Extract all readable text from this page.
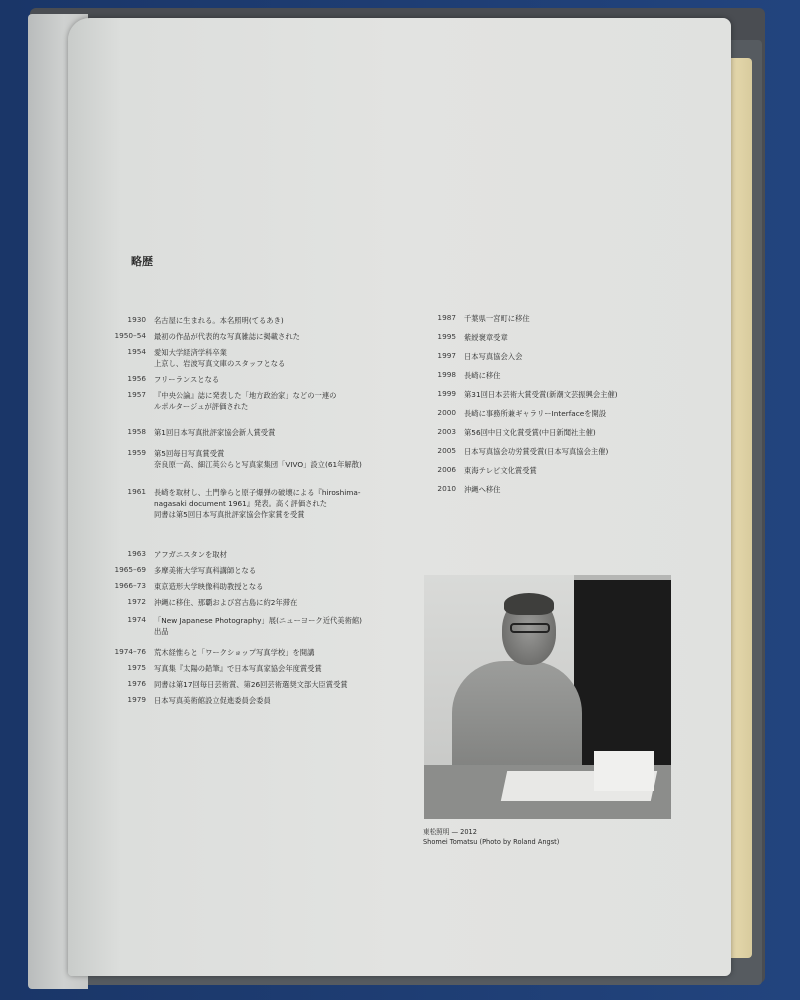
略歴
1930	名古屋に生まれる。本名照明(てるあき)
1950–54	最初の作品が代表的な写真雑誌に掲載された
1954	愛知大学経済学科卒業
上京し、岩波写真文庫のスタッフとなる
1956	フリーランスとなる
1957	『中央公論』誌に発表した「地方政治家」などの一連の
ルポルタージュが評価された
1958	第1回日本写真批評家協会新人賞受賞
1959	第5回毎日写真賞受賞
奈良原一高、細江英公らと写真家集団「VIVO」設立(61年解散)
1961	長崎を取材し、土門拳らと原子爆弾の破壊による『hiroshima-
nagasaki document 1961』発表。高く評価された
同書は第5回日本写真批評家協会作家賞を受賞
1963	アフガニスタンを取材
1965–69	多摩美術大学写真科講師となる
1966–73	東京造形大学映像科助教授となる
1972	沖縄に移住、那覇および宮古島に約2年滞在
1974	「New Japanese Photography」展(ニューヨーク近代美術館)
出品
1974–76	荒木経惟らと「ワークショップ写真学校」を開講
1975	写真集『太陽の鉛筆』で日本写真家協会年度賞受賞
1976	同書は第17回毎日芸術賞、第26回芸術選奨文部大臣賞受賞
1979	日本写真美術館設立促進委員会委員
1987	千葉県一宮町に移住
1995	紫綬褒章受章
1997	日本写真協会入会
1998	長崎に移住
1999	第31回日本芸術大賞受賞(新潮文芸振興会主催)
2000	長崎に事務所兼ギャラリーInterfaceを開設
2003	第56回中日文化賞受賞(中日新聞社主催)
2005	日本写真協会功労賞受賞(日本写真協会主催)
2006	東海テレビ文化賞受賞
2010	沖縄へ移住
東松照明 — 2012
Shomei Tomatsu (Photo by Roland Angst)
